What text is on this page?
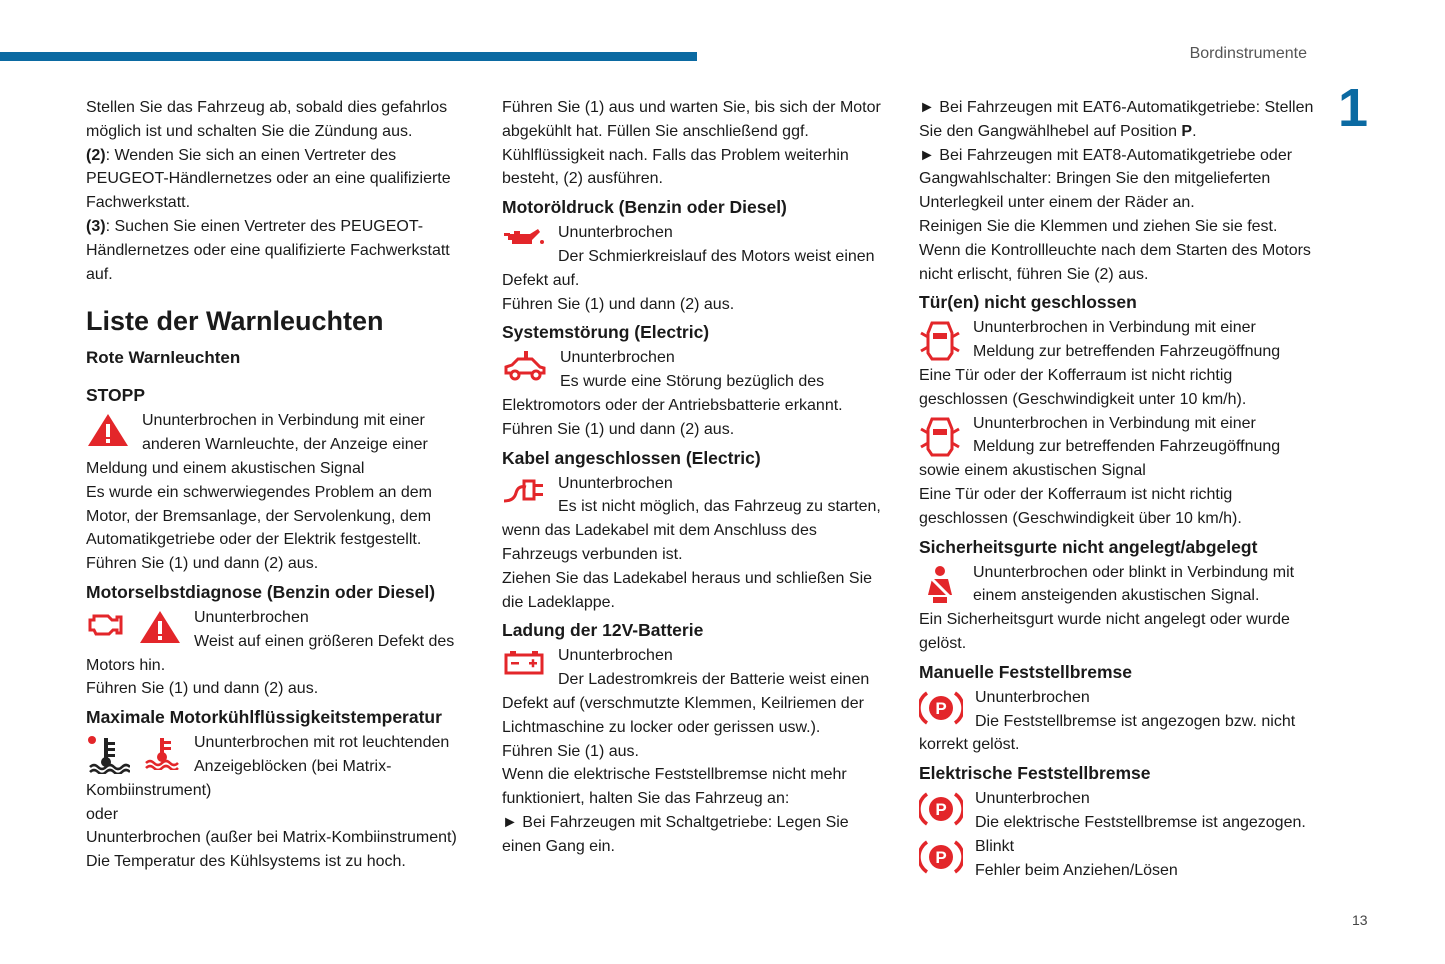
Bordinstrumente
1
13

Stellen Sie das Fahrzeug ab, sobald dies gefahrlos möglich ist und schalten Sie die Zündung aus.

(2): Wenden Sie sich an einen Vertreter des PEUGEOT-Händlernetzes oder an eine qualifizierte Fachwerkstatt.

(3): Suchen Sie einen Vertreter des PEUGEOT-Händlernetzes oder eine qualifizierte Fachwerkstatt auf.

Liste der Warnleuchten
Rote Warnleuchten
STOPP

Ununterbrochen in Verbindung mit einer anderen Warnleuchte, der Anzeige einer Meldung und einem akustischen Signal

Es wurde ein schwerwiegendes Problem an dem Motor, der Bremsanlage, der Servolenkung, dem Automatikgetriebe oder der Elektrik festgestellt.

Führen Sie (1) und dann (2) aus.

Motorselbstdiagnose (Benzin oder Diesel)

Ununterbrochen

Weist auf einen größeren Defekt des Motors hin.

Führen Sie (1) und dann (2) aus.

Maximale Motorkühlflüssigkeitstemperatur

Ununterbrochen mit rot leuchtenden Anzeigeblöcken (bei Matrix-Kombiinstrument)

oder

Ununterbrochen (außer bei Matrix-Kombiinstrument)

Die Temperatur des Kühlsystems ist zu hoch.

Führen Sie (1) aus und warten Sie, bis sich der Motor abgekühlt hat. Füllen Sie anschließend ggf. Kühlflüssigkeit nach. Falls das Problem weiterhin besteht, (2) ausführen.

Motoröldruck (Benzin oder Diesel)

Ununterbrochen

Der Schmierkreislauf des Motors weist einen Defekt auf.

Führen Sie (1) und dann (2) aus.

Systemstörung (Electric)

Ununterbrochen

Es wurde eine Störung bezüglich des Elektromotors oder der Antriebsbatterie erkannt.

Führen Sie (1) und dann (2) aus.

Kabel angeschlossen (Electric)

Ununterbrochen

Es ist nicht möglich, das Fahrzeug zu starten, wenn das Ladekabel mit dem Anschluss des Fahrzeugs verbunden ist.

Ziehen Sie das Ladekabel heraus und schließen Sie die Ladeklappe.

Ladung der 12V-Batterie

Ununterbrochen

Der Ladestromkreis der Batterie weist einen Defekt auf (verschmutzte Klemmen, Keilriemen der Lichtmaschine zu locker oder gerissen usw.).

Führen Sie (1) aus.

Wenn die elektrische Feststellbremse nicht mehr funktioniert, halten Sie das Fahrzeug an:

► Bei Fahrzeugen mit Schaltgetriebe: Legen Sie einen Gang ein.

► Bei Fahrzeugen mit EAT6-Automatikgetriebe: Stellen Sie den Gangwählhebel auf Position P.

► Bei Fahrzeugen mit EAT8-Automatikgetriebe oder Gangwahlschalter: Bringen Sie den mitgelieferten Unterlegkeil unter einem der Räder an.

Reinigen Sie die Klemmen und ziehen Sie sie fest.

Wenn die Kontrollleuchte nach dem Starten des Motors nicht erlischt, führen Sie (2) aus.

Tür(en) nicht geschlossen

Ununterbrochen in Verbindung mit einer Meldung zur betreffenden Fahrzeugöffnung

Eine Tür oder der Kofferraum ist nicht richtig geschlossen (Geschwindigkeit unter 10 km/h).

Ununterbrochen in Verbindung mit einer Meldung zur betreffenden Fahrzeugöffnung sowie einem akustischen Signal

Eine Tür oder der Kofferraum ist nicht richtig geschlossen (Geschwindigkeit über 10 km/h).

Sicherheitsgurte nicht angelegt/abgelegt

Ununterbrochen oder blinkt in Verbindung mit einem ansteigenden akustischen Signal.

Ein Sicherheitsgurt wurde nicht angelegt oder wurde gelöst.

Manuelle Feststellbremse
P

Ununterbrochen

Die Feststellbremse ist angezogen bzw. nicht korrekt gelöst.

Elektrische Feststellbremse
P

Ununterbrochen

Die elektrische Feststellbremse ist angezogen.

P

Blinkt

Fehler beim Anziehen/Lösen
